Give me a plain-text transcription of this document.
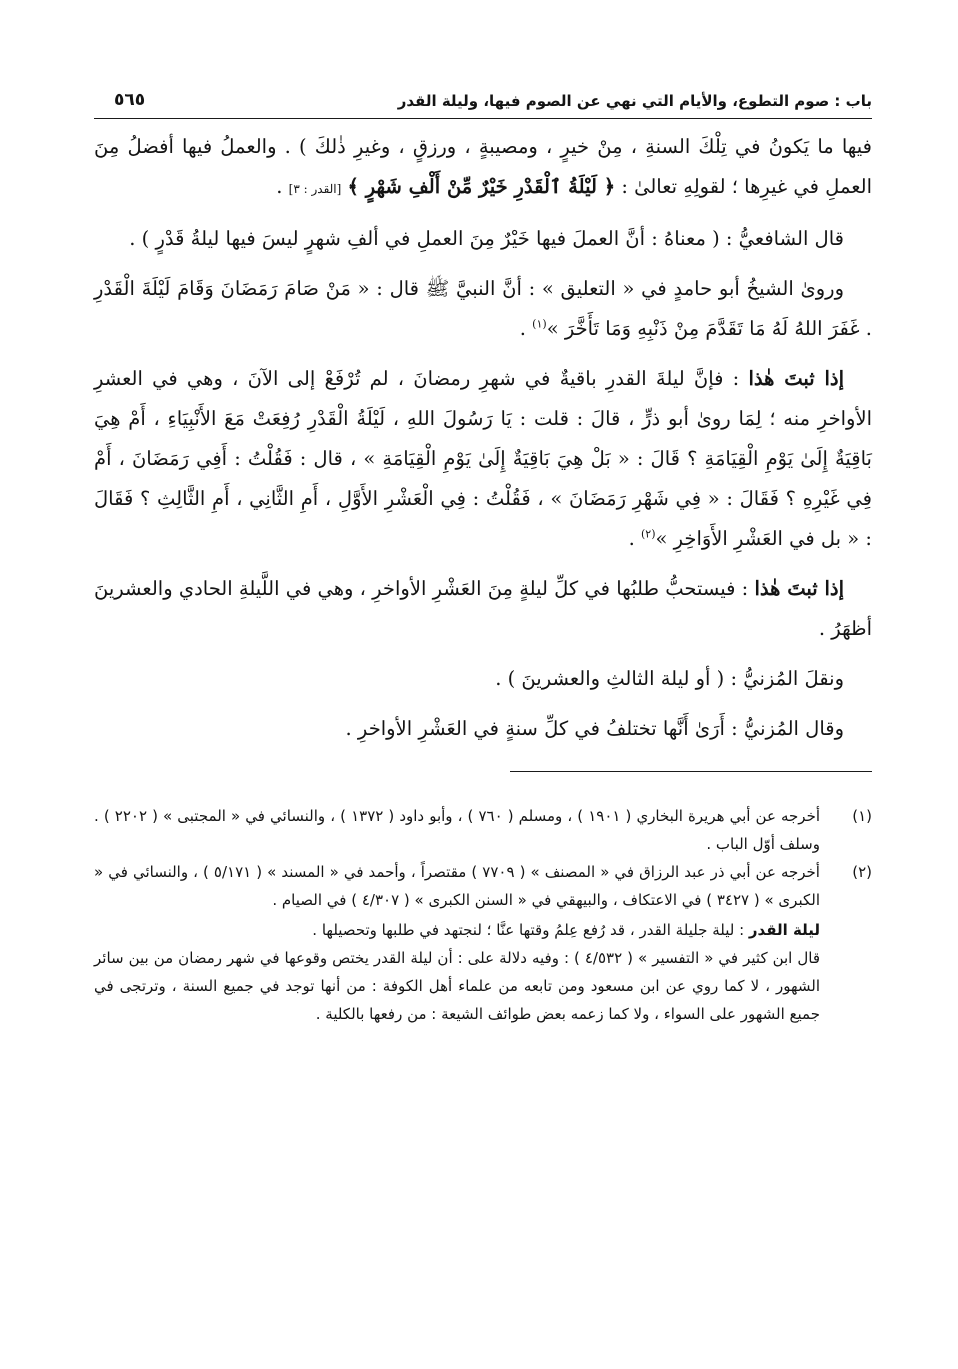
باب : صوم التطوع، والأيام التي نهي عن الصوم فيها، وليلة القدر
٥٦٥

فيها ما يَكونُ في تِلْكَ السنةِ ، مِنْ خيرٍ ، ومصيبةٍ ، ورزقٍ ، وغيرِ ذٰلكَ ) . والعملُ فيها أفضلُ مِنَ العملِ في غيرِها ؛ لقولِهِ تعالىٰ : ﴿ لَيْلَةُ ٱلْقَدْرِ خَيْرٌ مِّنْ أَلْفِ شَهْرٍ ﴾ [القدر : ٣] .

قال الشافعيُّ : ( معناهُ : أنَّ العملَ فيها خَيْرٌ مِنَ العملِ في ألفِ شهرٍ ليسَ فيها ليلةُ قَدْرٍ ) .

ورویٰ الشيخُ أبو حامدٍ في « التعليق » : أنَّ النبيَّ ﷺ قال : « مَنْ صَامَ رَمَضَانَ وَقَامَ لَيْلَةَ الْقَدْرِ . غَفَرَ اللهُ لَهُ مَا تَقَدَّمَ مِنْ ذَنْبِهِ وَمَا تَأَخَّرَ »$^{(١)}$ .

إذا ثبتَ هٰذا : فإنَّ ليلةَ القدرِ باقيةٌ في شهرِ رمضانَ ، لم تُرْفَعْ إلى الآنَ ، وهي في العشرِ الأواخرِ منه ؛ لِمَا رویٰ أبو ذرٍّ ، قالَ : قلت : يَا رَسُولَ اللهِ ، لَيْلَةُ الْقَدْرِ رُفِعَتْ مَعَ الأَنْبِيَاءِ ، أَمْ هِيَ بَاقِيَةٌ إِلَىٰ يَوْمِ الْقِيَامَةِ ؟ قَالَ : « بَلْ هِيَ بَاقِيَةٌ إِلَىٰ يَوْمِ الْقِيَامَةِ » ، قال : فَقُلْتُ : أَفِي رَمَضَانَ ، أَمْ فِي غَيْرِهِ ؟ فَقَالَ : « فِي شَهْرِ رَمَضَانَ » ، فَقُلْتُ : فِي الْعَشْرِ الأَوَّلِ ، أَمِ الثَّانِي ، أَمِ الثَّالِثِ ؟ فَقَالَ : « بل في العَشْرِ الأَوَاخِرِ »$^{(٢)}$ .

إذا ثبتَ هٰذا : فيستحبُّ طلبُها في كلِّ ليلةٍ مِنَ العَشْرِ الأواخرِ ، وهي في اللَّيلةِ الحادي والعشرينَ أظهَرُ .

ونقلَ المُزنيُّ : ( أو ليلة الثالثِ والعشرينَ ) .

وقال المُزنيُّ : أَرَىٰ أَنَّها تختلفُ في كلِّ سنةٍ في العَشْرِ الأواخرِ .

(١)
أخرجه عن أبي هريرة البخاري ( ١٩٠١ ) ، ومسلم ( ٧٦٠ ) ، وأبو داود ( ١٣٧٢ ) ، والنسائي في « المجتبى » ( ٢٢٠٢ ) . وسلف أوّل الباب .
(٢)
أخرجه عن أبي ذر عبد الرزاق في « المصنف » ( ٧٧٠٩ ) مقتصراً ، وأحمد في « المسند » ( ٥/١٧١ ) ، والنسائي في « الكبرى » ( ٣٤٢٧ ) في الاعتكاف ، والبيهقي في « السنن الكبرى » ( ٤/٣٠٧ ) في الصيام .

ليلة القدر : ليلة جليلة القدر ، قد رُفع عِلمُ وقتها عنَّا ؛ لنجتهد في طلبها وتحصيلها .

قال ابن كثير في « التفسير » ( ٤/٥٣٢ ) : وفيه دلالة على : أن ليلة القدر يختص وقوعها في شهر رمضان من بين سائر الشهور ، لا كما روي عن ابن مسعود ومن تابعه من علماء أهل الكوفة : من أنها توجد في جميع السنة ، وترتجى في جميع الشهور على السواء ، ولا كما زعمه بعض طوائف الشيعة : من رفعها بالكلية .
